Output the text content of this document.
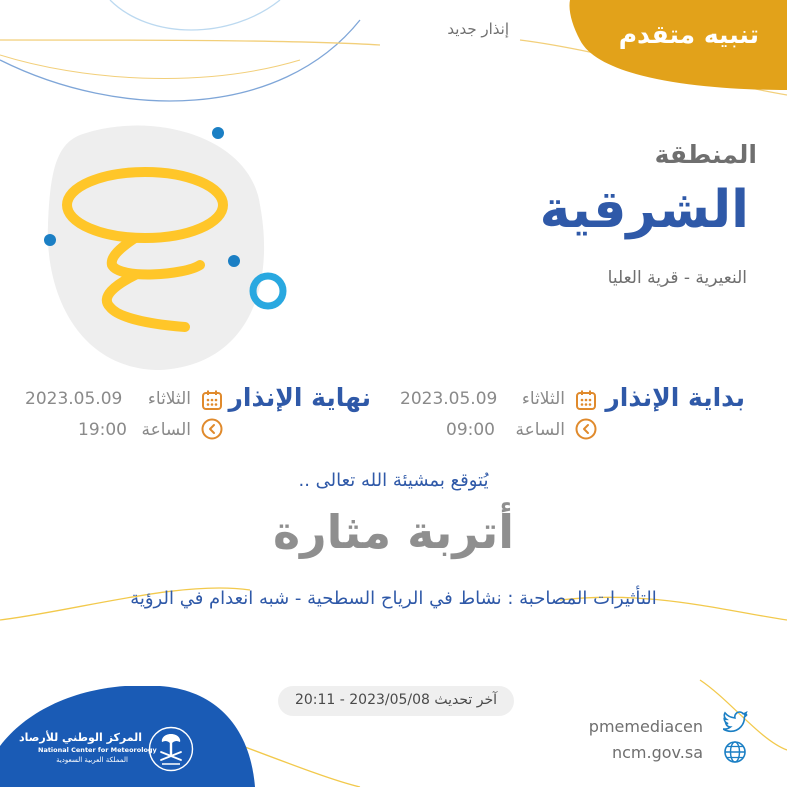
تنبيه متقدم
إنذار جديد
المنطقة
الشرقية
النعيرية - قرية العليا
بداية الإنذار
الثلاثاء
2023.05.09
الساعة
09:00
نهاية الإنذار
الثلاثاء
2023.05.09
الساعة
19:00
يُتوقع بمشيئة الله تعالى ..
أتربة مثارة
التأثيرات المصاحبة : نشاط في الرياح السطحية - شبه انعدام في الرؤية
آخر تحديث 2023/05/08 - 20:11
pmemediacen
ncm.gov.sa
المركز الوطني للأرصاد
National Center for Meteorology
المملكة العربية السعودية
